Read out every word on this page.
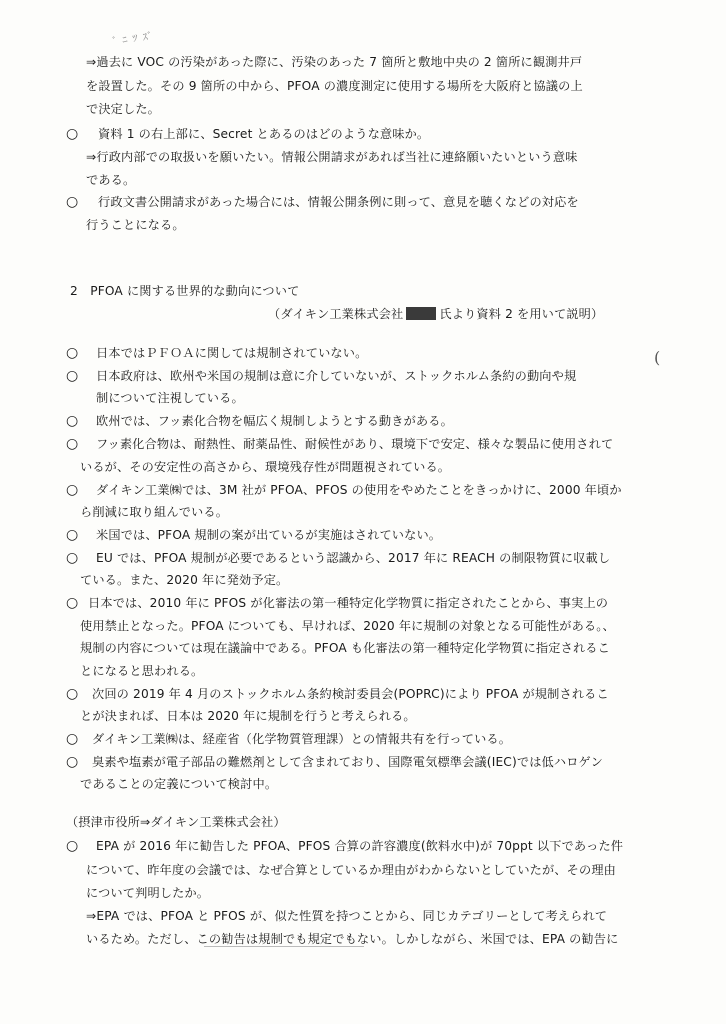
ﾞ ﾆ ﾂ ｽﾞ
(
⇒過去に VOC の汚染があった際に、汚染のあった 7 箇所と敷地中央の 2 箇所に観測井戸
を設置した。その 9 箇所の中から、PFOA の濃度測定に使用する場所を大阪府と協議の上
で決定した。
○ 資料 1 の右上部に、Secret とあるのはどのような意味か。
⇒行政内部での取扱いを願いたい。情報公開請求があれば当社に連絡願いたいという意味
である。
○ 行政文書公開請求があった場合には、情報公開条例に則って、意見を聴くなどの対応を
行うことになる。
2　PFOA に関する世界的な動向について
（ダイキン工業株式会社	氏より資料 2 を用いて説明）
○ 日本ではＰＦＯＡに関しては規制されていない。
○ 日本政府は、欧州や米国の規制は意に介していないが、ストックホルム条約の動向や規
制について注視している。
○ 欧州では、フッ素化合物を幅広く規制しようとする動きがある。
○ フッ素化合物は、耐熱性、耐薬品性、耐候性があり、環境下で安定、様々な製品に使用されて
いるが、その安定性の高さから、環境残存性が問題視されている。
○ ダイキン工業㈱では、3M 社が PFOA、PFOS の使用をやめたことをきっかけに、2000 年頃か
ら削減に取り組んでいる。
○ 米国では、PFOA 規制の案が出ているが実施はされていない。
○ EU では、PFOA 規制が必要であるという認識から、2017 年に REACH の制限物質に収載し
ている。また、2020 年に発効予定。
○ 日本では、2010 年に PFOS が化審法の第一種特定化学物質に指定されたことから、事実上の
使用禁止となった。PFOA についても、早ければ、2020 年に規制の対象となる可能性がある。、
規制の内容については現在議論中である。PFOA も化審法の第一種特定化学物質に指定されるこ
とになると思われる。
○ 次回の 2019 年 4 月のストックホルム条約検討委員会(POPRC)により PFOA が規制されるこ
とが決まれば、日本は 2020 年に規制を行うと考えられる。
○ ダイキン工業㈱は、経産省（化学物質管理課）との情報共有を行っている。
○ 臭素や塩素が電子部品の難燃剤として含まれており、国際電気標準会議(IEC)では低ハロゲン
であることの定義について検討中。
（摂津市役所⇒ダイキン工業株式会社）
○ EPA が 2016 年に勧告した PFOA、PFOS 合算の許容濃度(飲料水中)が 70ppt 以下であった件
について、昨年度の会議では、なぜ合算としているか理由がわからないとしていたが、その理由
について判明したか。
⇒EPA では、PFOA と PFOS が、似た性質を持つことから、同じカテゴリーとして考えられて
いるため。ただし、この勧告は規制でも規定でもない。しかしながら、米国では、EPA の勧告に
